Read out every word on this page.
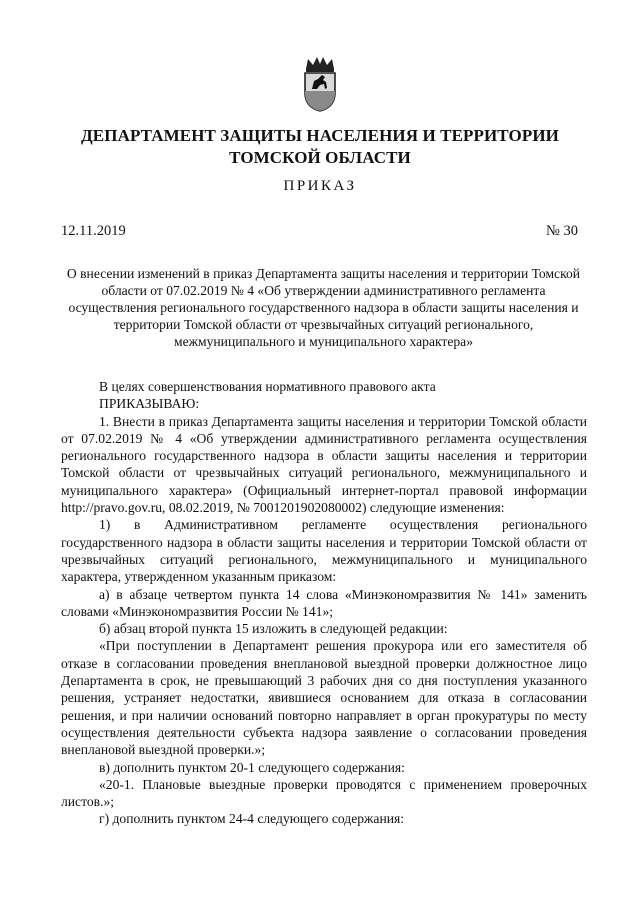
ДЕПАРТАМЕНТ ЗАЩИТЫ НАСЕЛЕНИЯ И ТЕРРИТОРИИ
ТОМСКОЙ ОБЛАСТИ
ПРИКАЗ
12.11.2019	№ 30
О внесении изменений в приказ Департамента защиты населения и территории Томской области от 07.02.2019 № 4 «Об утверждении административного регламента осуществления регионального государственного надзора в области защиты населения и территории Томской области от чрезвычайных ситуаций регионального, межмуниципального и муниципального характера»

В целях совершенствования нормативного правового акта

ПРИКАЗЫВАЮ:

1. Внести в приказ Департамента защиты населения и территории Томской области от 07.02.2019 № 4 «Об утверждении административного регламента осуществления регионального государственного надзора в области защиты населения и территории Томской области от чрезвычайных ситуаций регионального, межмуниципального и муниципального характера» (Официальный интернет-портал правовой информации http://pravo.gov.ru, 08.02.2019, № 7001201902080002) следующие изменения:

1) в Административном регламенте осуществления регионального государственного надзора в области защиты населения и территории Томской области от чрезвычайных ситуаций регионального, межмуниципального и муниципального характера, утвержденном указанным приказом:

а) в абзаце четвертом пункта 14 слова «Минэкономразвития № 141» заменить словами «Минэкономразвития России № 141»;

б) абзац второй пункта 15 изложить в следующей редакции:

«При поступлении в Департамент решения прокурора или его заместителя об отказе в согласовании проведения внеплановой выездной проверки должностное лицо Департамента в срок, не превышающий 3 рабочих дня со дня поступления указанного решения, устраняет недостатки, явившиеся основанием для отказа в согласовании решения, и при наличии оснований повторно направляет в орган прокуратуры по месту осуществления деятельности субъекта надзора заявление о согласовании проведения внеплановой выездной проверки.»;

в) дополнить пунктом 20-1 следующего содержания:

«20-1. Плановые выездные проверки проводятся с применением проверочных листов.»;

г) дополнить пунктом 24-4 следующего содержания:
